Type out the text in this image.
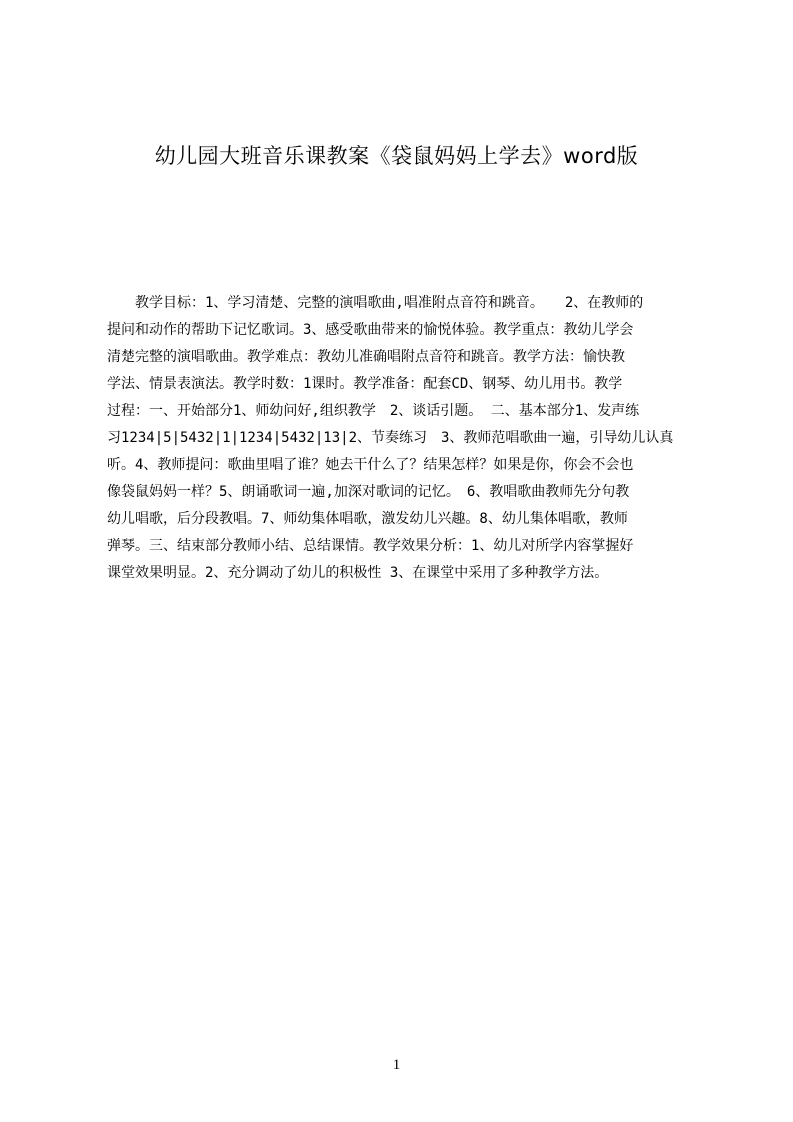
幼儿园大班音乐课教案《袋鼠妈妈上学去》word版
　　教学目标：1、学习清楚、完整的演唱歌曲,唱准附点音符和跳音。　　2、在教师的
提问和动作的帮助下记忆歌词。3、感受歌曲带来的愉悦体验。教学重点：教幼儿学会
清楚完整的演唱歌曲。教学难点：教幼儿准确唱附点音符和跳音。教学方法：愉快教
学法、情景表演法。教学时数：1课时。教学准备：配套CD、钢琴、幼儿用书。教学
过程：一、开始部分1、师幼问好,组织教学　2、谈话引题。 二、基本部分1、发声练
习1234|5|5432|1|1234|5432|13|2、节奏练习　3、教师范唱歌曲一遍，引导幼儿认真
听。4、教师提问：歌曲里唱了谁？她去干什么了？结果怎样？如果是你，你会不会也
像袋鼠妈妈一样？5、朗诵歌词一遍,加深对歌词的记忆。　6、教唱歌曲教师先分句教
幼儿唱歌，后分段教唱。7、师幼集体唱歌，激发幼儿兴趣。8、幼儿集体唱歌，教师
弹琴。三、结束部分教师小结、总结课情。教学效果分析：1、幼儿对所学内容掌握好
课堂效果明显。2、充分调动了幼儿的积极性 3、在课堂中采用了多种教学方法。
1
